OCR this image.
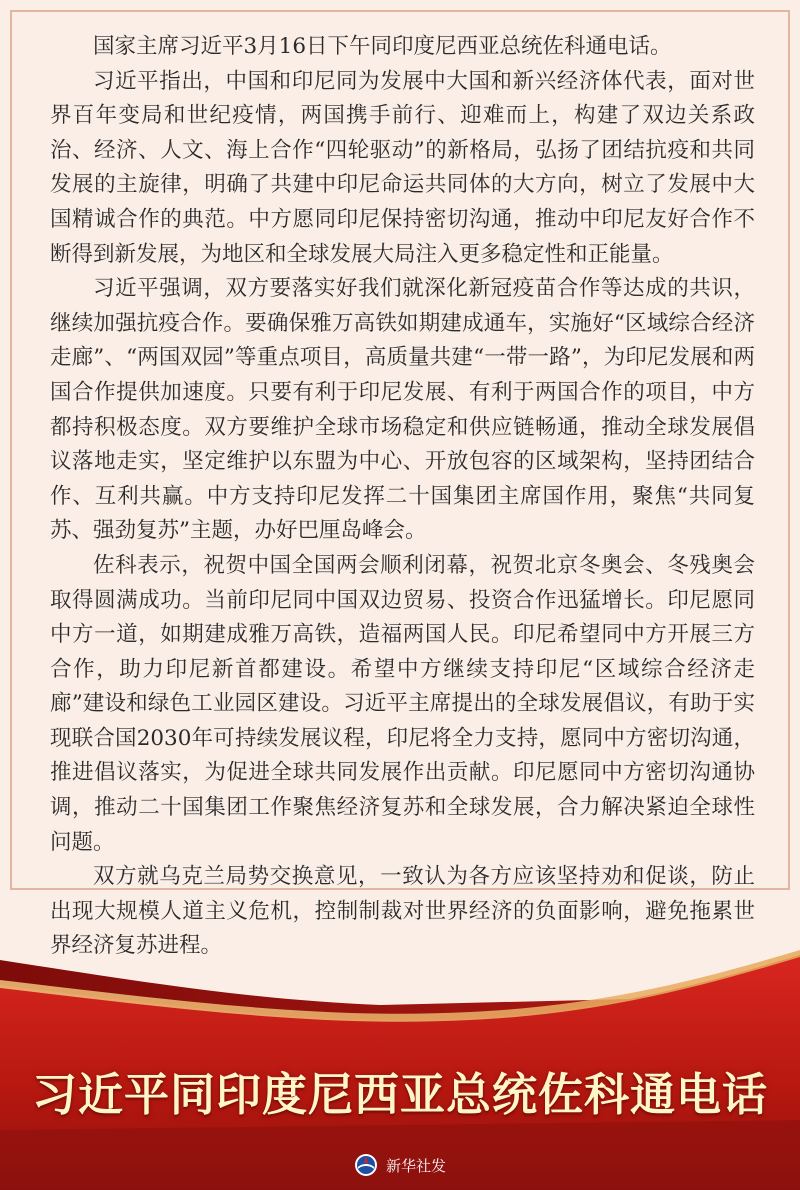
国家主席习近平3月16日下午同印度尼西亚总统佐科通电话。

习近平指出，中国和印尼同为发展中大国和新兴经济体代表，面对世界百年变局和世纪疫情，两国携手前行、迎难而上，构建了双边关系政治、经济、人文、海上合作“四轮驱动”的新格局，弘扬了团结抗疫和共同发展的主旋律，明确了共建中印尼命运共同体的大方向，树立了发展中大国精诚合作的典范。中方愿同印尼保持密切沟通，推动中印尼友好合作不断得到新发展，为地区和全球发展大局注入更多稳定性和正能量。

习近平强调，双方要落实好我们就深化新冠疫苗合作等达成的共识，继续加强抗疫合作。要确保雅万高铁如期建成通车，实施好“区域综合经济走廊”、“两国双园”等重点项目，高质量共建“一带一路”，为印尼发展和两国合作提供加速度。只要有利于印尼发展、有利于两国合作的项目，中方都持积极态度。双方要维护全球市场稳定和供应链畅通，推动全球发展倡议落地走实，坚定维护以东盟为中心、开放包容的区域架构，坚持团结合作、互利共赢。中方支持印尼发挥二十国集团主席国作用，聚焦“共同复苏、强劲复苏”主题，办好巴厘岛峰会。

佐科表示，祝贺中国全国两会顺利闭幕，祝贺北京冬奥会、冬残奥会取得圆满成功。当前印尼同中国双边贸易、投资合作迅猛增长。印尼愿同中方一道，如期建成雅万高铁，造福两国人民。印尼希望同中方开展三方合作，助力印尼新首都建设。希望中方继续支持印尼“区域综合经济走廊”建设和绿色工业园区建设。习近平主席提出的全球发展倡议，有助于实现联合国2030年可持续发展议程，印尼将全力支持，愿同中方密切沟通，推进倡议落实，为促进全球共同发展作出贡献。印尼愿同中方密切沟通协调，推动二十国集团工作聚焦经济复苏和全球发展，合力解决紧迫全球性问题。

双方就乌克兰局势交换意见，一致认为各方应该坚持劝和促谈，防止出现大规模人道主义危机，控制制裁对世界经济的负面影响，避免拖累世界经济复苏进程。

习近平同印度尼西亚总统佐科通电话
新华社发
